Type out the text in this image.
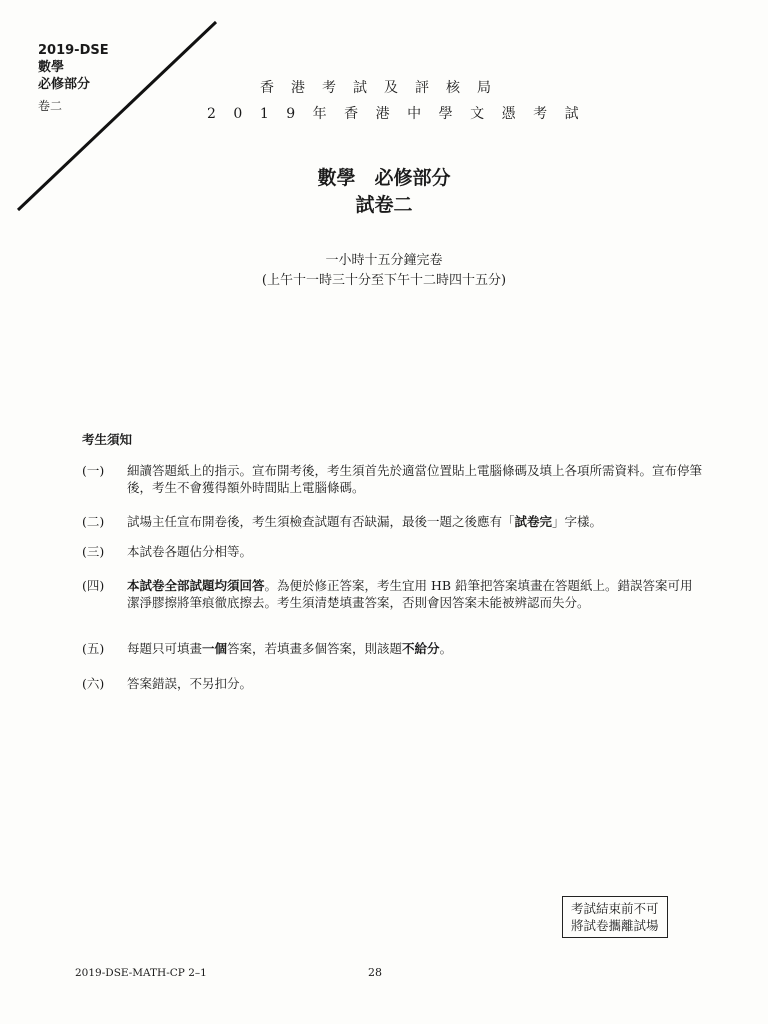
2019-DSE
數學
必修部分
卷二
香港考試及評核局
2019年香港中學文憑考試
數學　必修部分
試卷二
一小時十五分鐘完卷
(上午十一時三十分至下午十二時四十五分)
考生須知
(一)	細讀答題紙上的指示。宣布開考後，考生須首先於適當位置貼上電腦條碼及填上各項所需資料。宣布停筆後，考生不會獲得額外時間貼上電腦條碼。
(二)	試場主任宣布開卷後，考生須檢查試題有否缺漏，最後一題之後應有「試卷完」字樣。
(三)	本試卷各題佔分相等。
(四)	本試卷全部試題均須回答。為便於修正答案，考生宜用 HB 鉛筆把答案填畫在答題紙上。錯誤答案可用潔淨膠擦將筆痕徹底擦去。考生須清楚填畫答案，否則會因答案未能被辨認而失分。
(五)	每題只可填畫一個答案，若填畫多個答案，則該題不給分。
(六)	答案錯誤，不另扣分。
考試結束前不可
將試卷攜離試場
2019-DSE-MATH-CP 2–1	28
